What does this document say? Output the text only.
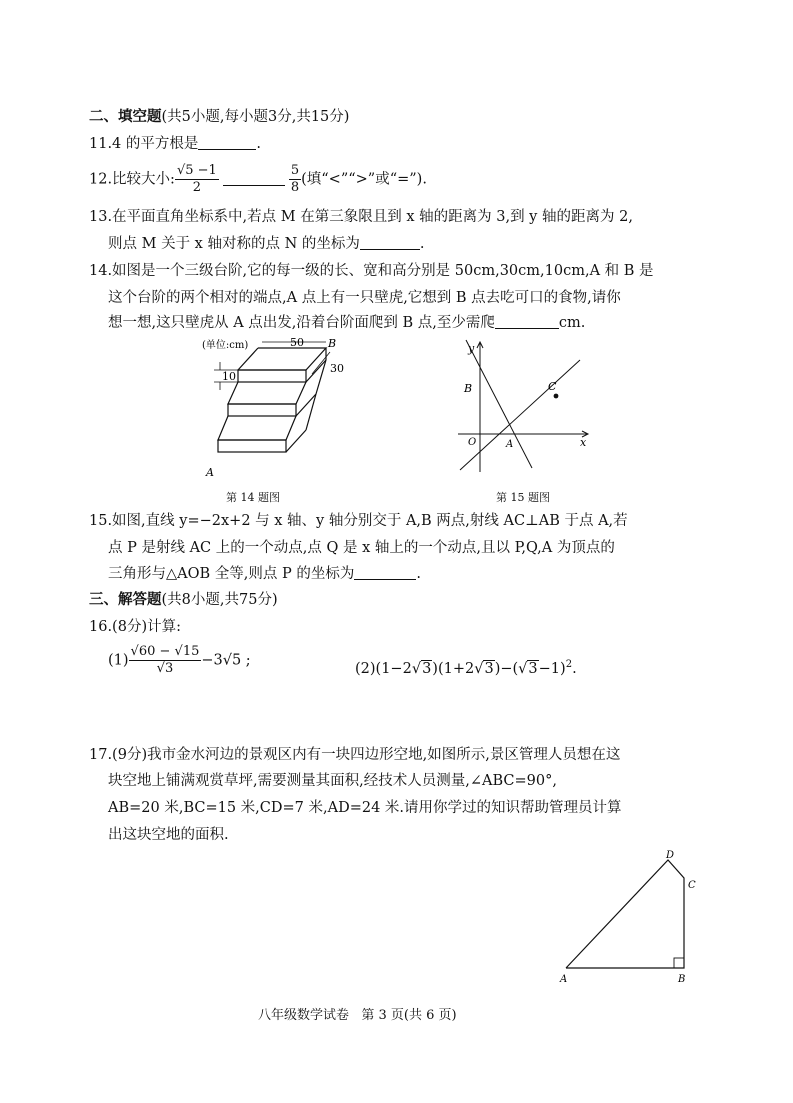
二、填空题(共5小题,每小题3分,共15分)
11.4 的平方根是	.
12.比较大小: $\frac{√5 -1}{2}$	$\frac{5}{8}$ (填“<”“>”或“=”).
13.在平面直角坐标系中,若点 M 在第三象限且到 x 轴的距离为 3,到 y 轴的距离为 2,
则点 M 关于 x 轴对称的点 N 的坐标为	.
14.如图是一个三级台阶,它的每一级的长、宽和高分别是 50cm,30cm,10cm,A 和 B 是
这个台阶的两个相对的端点,A 点上有一只壁虎,它想到 B 点去吃可口的食物,请你
想一想,这只壁虎从 A 点出发,沿着台阶面爬到 B 点,至少需爬	cm.
(单位:cm)	50
30
10
B
A
第 14 题图
y
x
O	A
B	C
第 15 题图
15.如图,直线 y=−2x+2 与 x 轴、y 轴分别交于 A,B 两点,射线 AC⊥AB 于点 A,若
点 P 是射线 AC 上的一个动点,点 Q 是 x 轴上的一个动点,且以 P,Q,A 为顶点的
三角形与△AOB 全等,则点 P 的坐标为	.
三、解答题(共8小题,共75分)
16.(8分)计算:
$(1) \frac{√60 - √15}{√3} -3√5$ ;
$(2)(1-2√3)(1+2√3)-(√3-1)^2$.
17.(9分)我市金水河边的景观区内有一块四边形空地,如图所示,景区管理人员想在这
块空地上铺满观赏草坪,需要测量其面积,经技术人员测量,∠ABC=90°,
AB=20 米,BC=15 米,CD=7 米,AD=24 米.请用你学过的知识帮助管理员计算
出这块空地的面积.
D
C
A	B
八年级数学试卷   第 3 页(共 6 页)
